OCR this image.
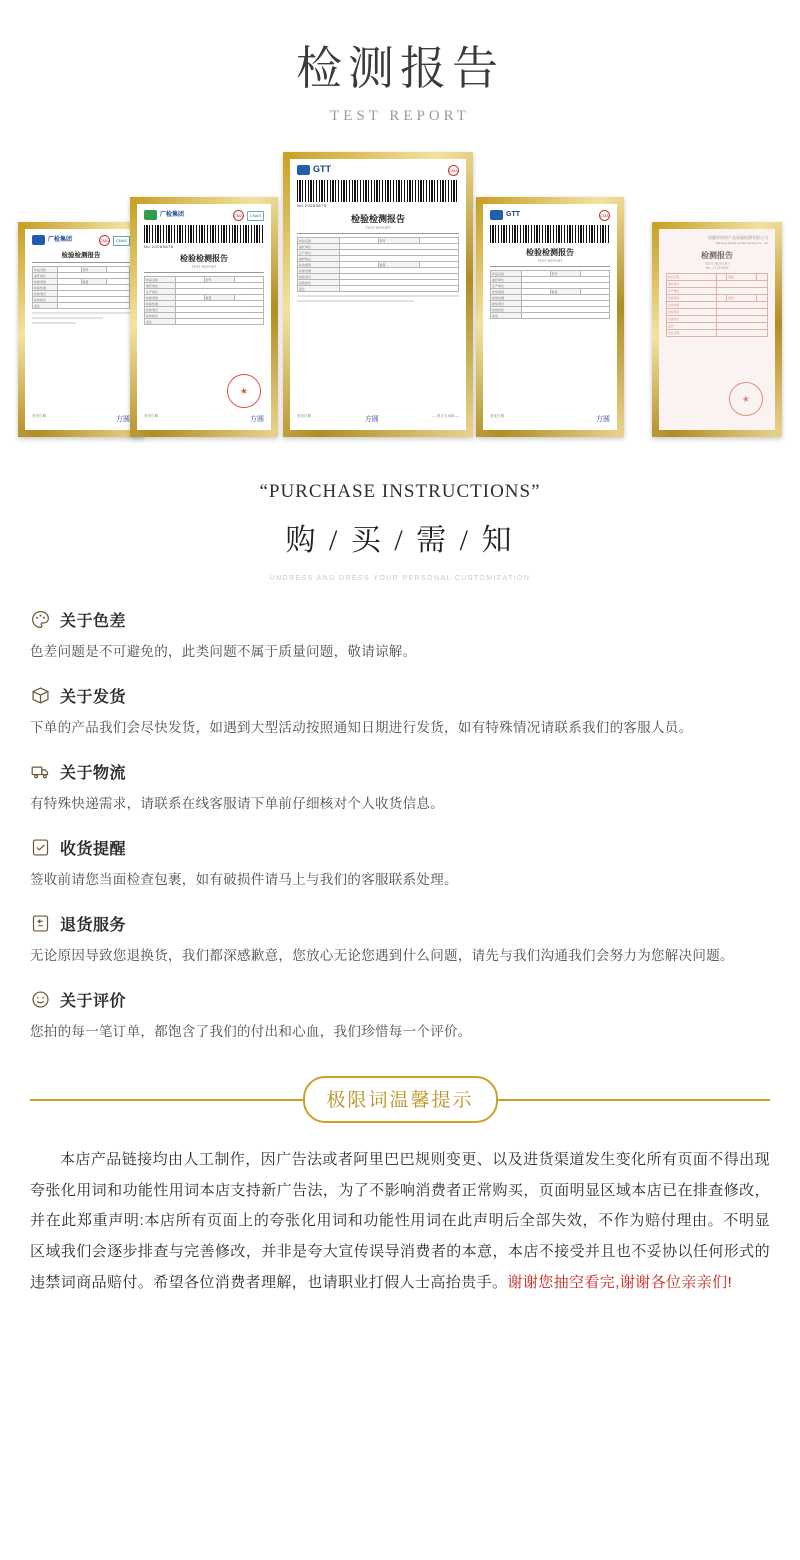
检测报告
TEST REPORT
广检集团	CMA	CNAS
检验检测报告
样品名称		型号	
委托单位			
检验类别		数量	
检验依据			
检验项目			
检验结论			
备注			
签发日期	方圆
广检集团	CMA	CNAS
No.20065675
检验检测报告
TEST REPORT
样品名称		型号	
委托单位			
生产单位			
检验类别		数量	
检验依据			
检验项目			
检验结论			
备注			
★
签发日期	方圆
GTT	CMA
No.20065675
检验检测报告
TEST REPORT
样品名称		型号	
委托单位			
生产单位			
抽样地点			
检验类别		数量	
检验依据			
检验项目			
检验结论			
备注			
签发日期	方圆	— 报告专用章 —
GTT	CMA
检验检测报告
TEST REPORT
样品名称		型号	
委托单位			
生产单位			
检验类别		数量	
检验依据			
检验项目			
检验结论			
备注			
签发日期	方圆
浙疆华纺织产品质量检测有限公司
Nantong Textile Quality Testing Co., Ltd
检测报告
TEST REPORT
No. 17133405
样品名称		规格	
委托单位			
生产单位			
检验类别		数量	
检验依据			
检验项目			
检验结论			
备注			
签发日期			
★
“PURCHASE INSTRUCTIONS”
购 / 买 / 需 / 知
UNDRESS AND DRESS YOUR PERSONAL CUSTOMIZATION
关于色差
色差问题是不可避免的，此类问题不属于质量问题，敬请谅解。
关于发货
下单的产品我们会尽快发货，如遇到大型活动按照通知日期进行发货，如有特殊情况请联系我们的客服人员。
关于物流
有特殊快递需求，请联系在线客服请下单前仔细核对个人收货信息。
收货提醒
签收前请您当面检查包裹，如有破损件请马上与我们的客服联系处理。
退货服务
无论原因导致您退换货，我们都深感歉意，您放心无论您遇到什么问题，请先与我们沟通我们会努力为您解决问题。
关于评价
您拍的每一笔订单，都饱含了我们的付出和心血，我们珍惜每一个评价。
极限词温馨提示
本店产品链接均由人工制作，因广告法或者阿里巴巴规则变更、以及进货渠道发生变化所有页面不得出现夸张化用词和功能性用词本店支持新广告法，为了不影响消费者正常购买，页面明显区域本店已在排查修改，并在此郑重声明:本店所有页面上的夸张化用词和功能性用词在此声明后全部失效，不作为赔付理由。不明显区域我们会逐步排查与完善修改，并非是夸大宣传误导消费者的本意，本店不接受并且也不妥协以任何形式的违禁词商品赔付。希望各位消费者理解，也请职业打假人士高抬贵手。谢谢您抽空看完,谢谢各位亲亲们!
